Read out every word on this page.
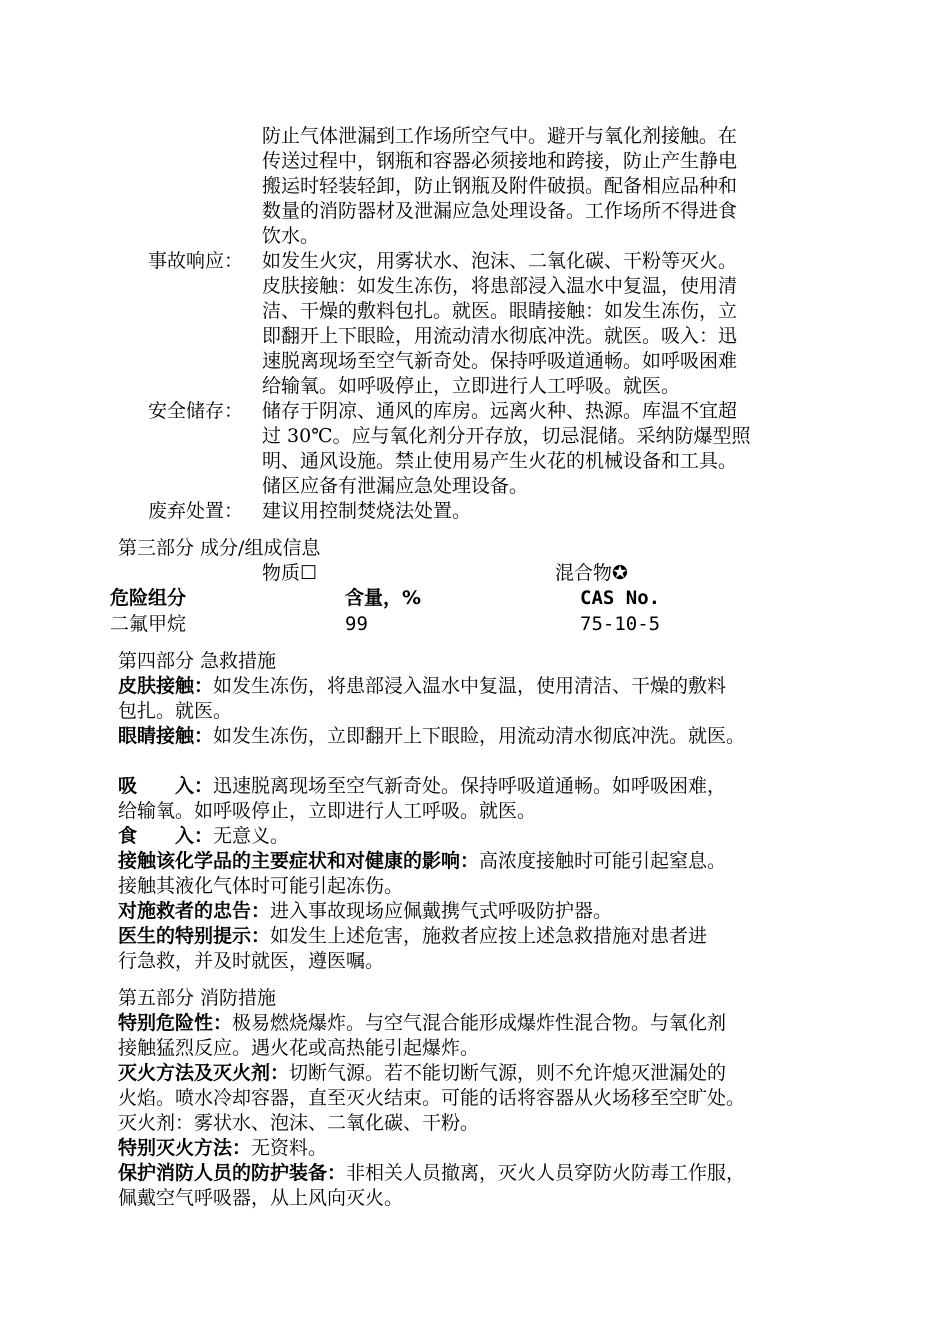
防止气体泄漏到工作场所空气中。避开与氧化剂接触。在

传送过程中，钢瓶和容器必须接地和跨接，防止产生静电

搬运时轻装轻卸，防止钢瓶及附件破损。配备相应品种和

数量的消防器材及泄漏应急处理设备。工作场所不得进食

饮水。

事故响应： 如发生火灾，用雾状水、泡沫、二氧化碳、干粉等灭火。
皮肤接触：如发生冻伤，将患部浸入温水中复温，使用清
洁、干燥的敷料包扎。就医。眼睛接触：如发生冻伤，立
即翻开上下眼睑，用流动清水彻底冲洗。就医。吸入：迅
速脱离现场至空气新奇处。保持呼吸道通畅。如呼吸困难
给输氧。如呼吸停止，立即进行人工呼吸。就医。
安全储存： 储存于阴凉、通风的库房。远离火种、热源。库温不宜超
过 30℃。应与氧化剂分开存放，切忌混储。采纳防爆型照
明、通风设施。禁止使用易产生火花的机械设备和工具。
储区应备有泄漏应急处理设备。
废弃处置： 建议用控制焚烧法处置。
第三部分 成分/组成信息
物质☐	混合物✪
危险组分	含量，%	CAS No.
二氟甲烷	99	75-10-5
第四部分 急救措施

皮肤接触：如发生冻伤，将患部浸入温水中复温，使用清洁、干燥的敷料

包扎。就医。

眼睛接触：如发生冻伤，立即翻开上下眼睑，用流动清水彻底冲洗。就医。

吸 入：迅速脱离现场至空气新奇处。保持呼吸道通畅。如呼吸困难，

给输氧。如呼吸停止，立即进行人工呼吸。就医。

食 入：无意义。

接触该化学品的主要症状和对健康的影响：高浓度接触时可能引起窒息。

接触其液化气体时可能引起冻伤。

对施救者的忠告：进入事故现场应佩戴携气式呼吸防护器。

医生的特别提示：如发生上述危害，施救者应按上述急救措施对患者进

行急救，并及时就医，遵医嘱。

第五部分 消防措施

特别危险性：极易燃烧爆炸。与空气混合能形成爆炸性混合物。与氧化剂

接触猛烈反应。遇火花或高热能引起爆炸。

灭火方法及灭火剂：切断气源。若不能切断气源，则不允许熄灭泄漏处的

火焰。喷水冷却容器，直至灭火结束。可能的话将容器从火场移至空旷处。

灭火剂：雾状水、泡沫、二氧化碳、干粉。

特别灭火方法：无资料。

保护消防人员的防护装备：非相关人员撤离，灭火人员穿防火防毒工作服，

佩戴空气呼吸器，从上风向灭火。
